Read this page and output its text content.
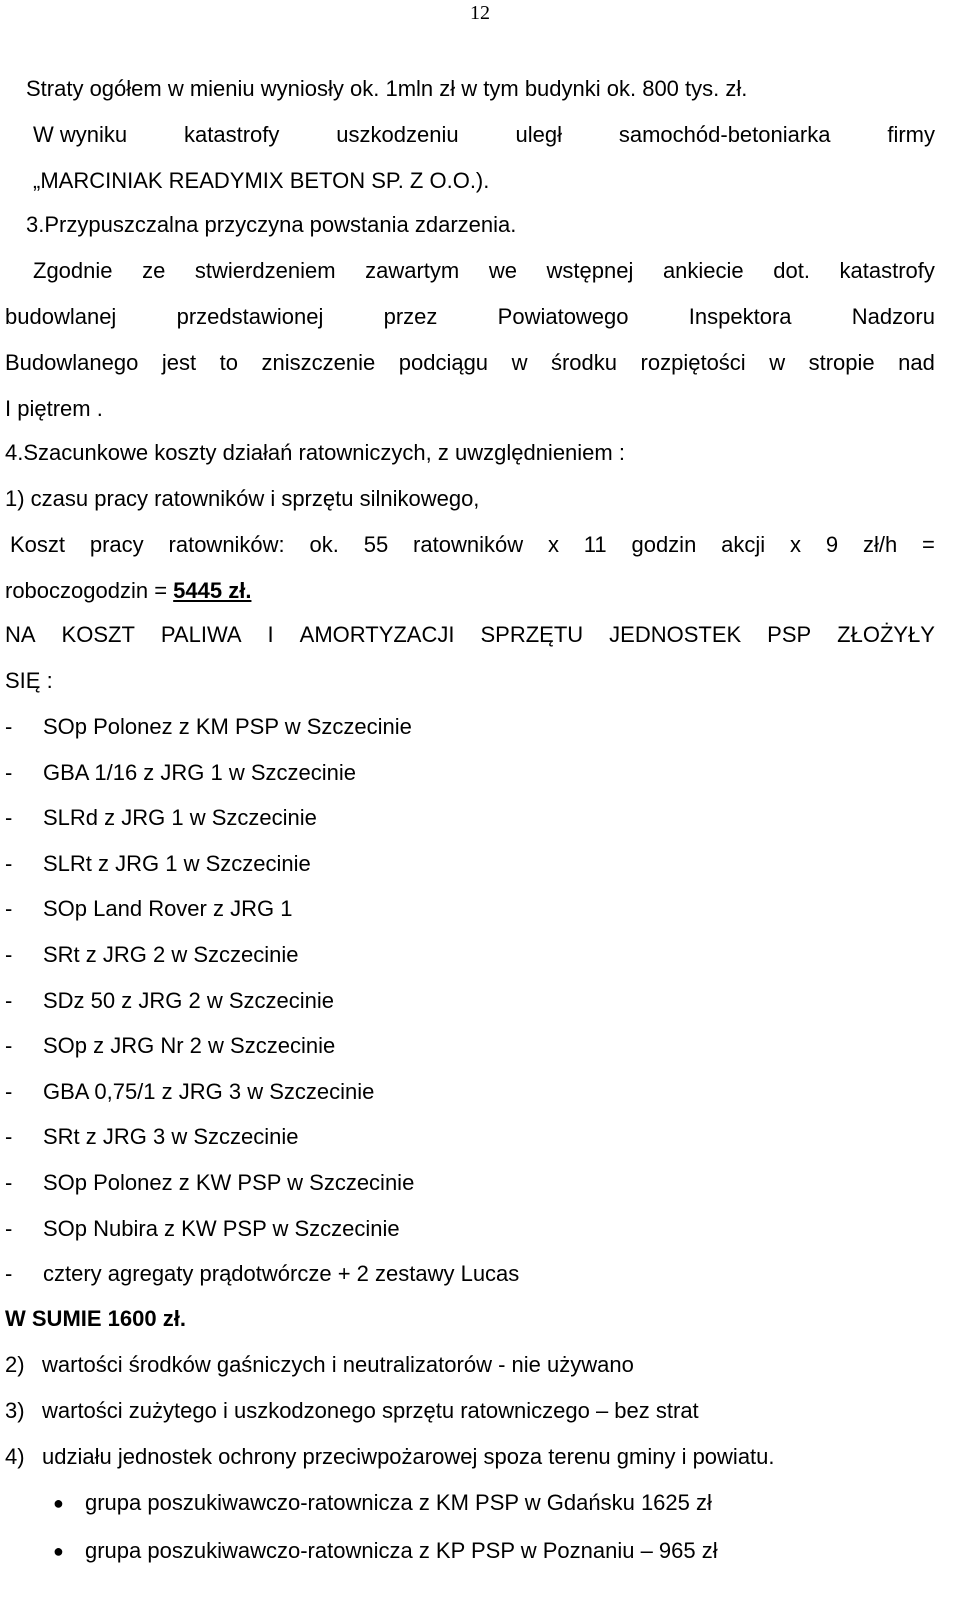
12
Straty ogółem w mieniu wyniosły ok. 1mln zł w tym budynki ok. 800 tys. zł.
W wyniku	katastrofy	uszkodzeniu	uległ	samochód-betoniarka	firmy
„MARCINIAK READYMIX BETON SP. Z O.O.).
3.Przypuszczalna przyczyna powstania zdarzenia.
Zgodnie ze stwierdzeniem zawartym we wstępnej ankiecie dot. katastrofy
budowlanej	przedstawionej	przez	Powiatowego	Inspektora	Nadzoru
Budowlanego jest to zniszczenie podciągu w środku rozpiętości w stropie nad
I piętrem .
4.Szacunkowe koszty działań ratowniczych, z uwzględnieniem :
1) czasu pracy ratowników i sprzętu silnikowego,
Koszt pracy ratowników: ok. 55 ratowników x 11 godzin akcji x 9 zł/h =
roboczogodzin = 5445 zł.
NA KOSZT PALIWA I AMORTYZACJI SPRZĘTU JEDNOSTEK PSP ZŁOŻYŁY
SIĘ :
- SOp Polonez z KM PSP w Szczecinie
- GBA 1/16 z JRG 1 w Szczecinie
- SLRd z JRG 1 w Szczecinie
- SLRt z JRG 1 w Szczecinie
- SOp Land Rover z JRG 1
- SRt z JRG 2 w Szczecinie
- SDz 50 z JRG 2 w Szczecinie
- SOp z JRG Nr 2 w Szczecinie
- GBA 0,75/1 z JRG 3 w Szczecinie
- SRt z JRG 3 w Szczecinie
- SOp Polonez z KW PSP w Szczecinie
- SOp Nubira z KW PSP w Szczecinie
- cztery agregaty prądotwórcze + 2 zestawy Lucas
W SUMIE 1600 zł.
2) wartości środków gaśniczych i neutralizatorów - nie używano
3) wartości zużytego i uszkodzonego sprzętu ratowniczego – bez strat
4) udziału jednostek ochrony przeciwpożarowej spoza terenu gminy i powiatu.
● grupa poszukiwawczo-ratownicza z KM PSP w Gdańsku 1625 zł
● grupa poszukiwawczo-ratownicza z KP PSP w Poznaniu – 965 zł
